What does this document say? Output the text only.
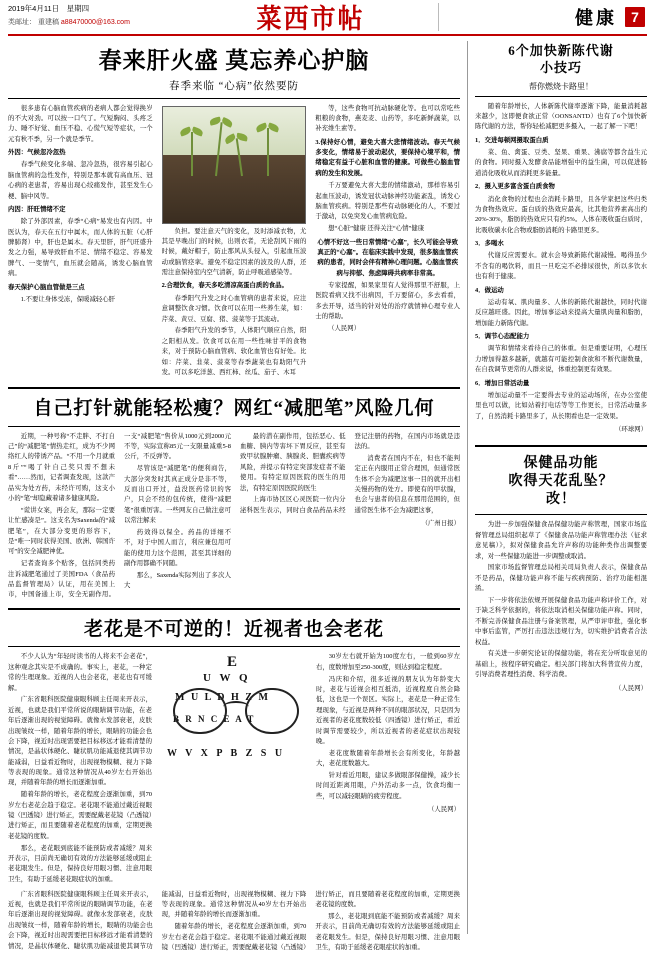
2019年4月11日　星期四
类邮址： 重建稿 a88470000@163.com	菜西市帖	健康	7
春来肝火盛 莫忘养心护脑
春季来临 “心病”依然要防

很多患有心脑血管疾病的老病人都会觉得换岁的不大对劲。可以按一口气了。气短胸闷、头疼乏力、睡不好觉、血压不稳、心慌气短等症状，一个元有秋不季，另一个就是季节。

外因：气候忽冷忽热

春季气候变化多端、忽冷忽热，很容易引起心脑血管病的急性发作，特别是那本就有高血压、冠心病的老患者，容易出现心绞痛发作，甚至发生心梗、脑中风等。

内因：肝旺情绪不定

除了外部因素，春季“心病”易发也有内因。中医认为，春天在五行中属木，而人体的五脏（心肝脾肺肾）中，肝也是属木。春天里肝，肝气旺盛升发之力强，易导致肝血不足、情绪不稳定、容易发脾气、一变情气，血压就会随高，诱发心脑血管病。

春天保护心脑血管做是三点

1.不要让身体受冻，保暖减轻心肝

负担。要注意天气的变化，及时添减衣物，尤其是早晚出门的时候，出则衣者，无论刮风下雨的时候，戴好帽子，防止那风从头侵入，引起血压波动或脑管痉挛。避免不稳定因素的波及的人群，还需注意保持室内空气清新，防止呼吸道感染等。

2.合理饮食，春天多吃清凉高蛋白质的食品。

春季阳气升发之时心血管病的患者来说，应注意调整饮食习惯。饮食可以在用一些养生菜，如：芹菜、黄豆、豆腐、猪、菠菜等于其流动。

春季阳气升发的季节，人体阳气顺应自然，阳之阳相从发。饮食可以在用一些性味甘平的食物来，对于预防心脑血管病、软化血管也有好处。比如：芹菜、韭菜、菠菜等春季蔬菜也有助阳气升发。可以多吃洋葱、西红柿、丝瓜、茄子、木耳

等，这些食物可抗动脉硬化等。也可以常吃些粗粮的食物，燕麦麦、山药等，多吃新鲜蔬菜，以补充维生素等。

3.保持好心情，避免大喜大悲情绪波动。春天气候多变化，情绪易于波动起伏，要保持心境平和，情绪稳定有益于心脏和血管的健康。可做些心脑血管病的发生和发展。

千万要避免大喜大悲的情绪激动，那样容易引起血压波动，诱发冠状动脉神经功能紊乱，诱发心脑血管疾病。特别是那些有动脉硬化的人，不要过于激动，以免突发心血管病危险。

想“心脏”健康 还得关注“心情”健康

心情不好这一些日常情绪“心塞”，长久可能会导致真正的“心塞”。在临床实践中发现，很多脑血管疾病的患者，同时会伴有精神心理问题。心脑血管疾病与抑郁、焦虑障碍共病率非常高。

专家提醒，如果家里有人觉得那里不舒服，上医院看病又找不出病因，千万要留心，多去看看，多去开导，适当的针对处的治疗就情神心理专业人士的帮助。

（人民网）

自己打针就能轻松瘦？网红“减肥笔”风险几何

近期，一种号称“不走胖、不打自己”的“减肥笔”情热走红，成为不少网络红人的带诱产品。“不用一个月就重8斤”“喝了针自己奖只需不想未看”……然而，记者调查发现，这款产品实为处方药，未经许可购，这支小小的“笔”却隐藏着诸多健康风险。

“谎讲女案，再会友，那际一定要让忙感凑是”。这支名为Saxenda的“减肥笔”，在大部分变更的形容下，是“唯一同时获得美国、欧洲、韩国许可”的安全减肥神优。

记者查询多个贴客，包括同类药注诉减肥笔通过了美国FDA（食品药品监督管理局）认证，用在美国上市，中国备通上市，安全无副作用。一支“减肥笔”售价从1000元到2000元不等，实际宣称85元一支限量减重5-8公斤，不反弹等。

尽管该是“减肥笔”的便利商告，大部分突发时其真正成分是非不等，反而出口开过，益没医药常识的客户，只会不经的包传统，使得“减肥笔”很重厉害。一些网友自己做注意可以常注解来

药效得以保全。药品的详细不不，对于中国人而言，利应兼包用可能的使用力这个范围，甚至其详细的副作用都确不同随。

那么，Saxenda实际列出了多次人大

最的潜在副作用，包括恶心、低血糖、胰内等害坏下胃反应，甚至有致甲状腺肿瘤、胰腺炎、胆囊疾病等风险，并提示有特定突部发症者不能使用。有特定原因医院的医生的用法，有特定原因医院的医生

上海市协区区心灵医院一位内分泌科医生表示，同时白食品药品未经登记注册的药物，在国内市场就是违法的。

消费者在国内不在，但也不能判定正在内服用正常合理国，但通常医生体不会为减肥这事一目的就开出相关慢药物的处方。即使有的甲状腺，也会与患者的信息在那用范围的，但通常医生体不会为减肥这事，

（广州日报）

老花是不可逆的！近视者也会老花

不少人认为“年轻时读书的人将来不会老花”，这种观念其实是不成确的。事实上，老花，一种定常的生理现象。近视的人也会老花，老花也有可缓解。

广东省眼科医院健康眼科顾主任周来开表示，近视，也就是我们平常所说的眼睛调节功能，在老年后逐渐出现的视觉障碍。就像水发部衰老，皮肤出现皱纹一样，随着年龄的增长，眼睛的功能会也会下降，视近时出现需要把目标移远才能看清楚的情况，是晶状体硬化、睫状肌功能减退使其调节功能减弱，日益看近物时，出现视物模糊、视力下降等表现的现象。通常这种情况从40岁左右开始出现，并随着年龄的增长而逐渐加重。

随着年龄的增长，老花程度会逐渐加重，到70岁左右老花会趋于稳定。老花眼不能通过戴近视眼镜（凹透镜）进行矫正，需要配戴老花镜（凸透镜）进行矫正，而且要随着老花程度的加重，定期更换老花镜的度数。

那么，老花眼到底能不能预防或者减缓？周来开表示，目前尚无确切有效的方法能够延缓或阻止老花眼发生。但是，保持良好用眼习惯、注意用眼卫生，有助于延缓老花眼症状的加重。

E
U W Q
M U L D H Z M
B R N C E A T
W V X P B Z S U

30岁左右就开始为100度左右，一般到60岁左右，度数增加至250-300度，则达到稳定程度。

冯庆和介绍，很多近视的朋友认为年龄变大时，老花与近视会相互抵消，近视程度自然会降低，这也是一个误区。实际上，老花是一种正常生理现象，与近视是两种不同的眼部状况，只是因为近视者的老花度数较低（四透镜）进行矫正，看近时调节需要较少，所以近视者的老花症状出现较晚。

老花度数随着年龄增长会有所变化，年龄越大，老花度数越大。

针对看近用眼，建议多做眼部保健操，减少长时间近距离用眼，户外活动多一点，饮食均衡一些，可以减轻眼睛的疲劳程度。

（人民网）

广东省眼科医院健康眼科顾主任周来开表示，近视，也就是我们平常所说的眼睛调节功能，在老年后逐渐出现的视觉障碍。就像水发部衰老，皮肤出现皱纹一样，随着年龄的增长，眼睛的功能会也会下降，视近时出现需要把目标移远才能看清楚的情况，是晶状体硬化、睫状肌功能减退使其调节功能减弱，日益看近物时，出现视物模糊、视力下降等表现的现象。通常这种情况从40岁左右开始出现，并随着年龄的增长而逐渐加重。

随着年龄的增长，老花程度会逐渐加重，到70岁左右老花会趋于稳定。老花眼不能通过戴近视眼镜（凹透镜）进行矫正，需要配戴老花镜（凸透镜）进行矫正，而且要随着老花程度的加重，定期更换老花镜的度数。

那么，老花眼到底能不能预防或者减缓？周来开表示，目前尚无确切有效的方法能够延缓或阻止老花眼发生。但是，保持良好用眼习惯、注意用眼卫生，有助于延缓老花眼症状的加重。

6个加快新陈代谢
小技巧
帮你燃烧卡路里！

随着年龄增长，人体新陈代谢率逐渐下降，能量消耗越来越少，这即便食欲正常（OONSANTD）也有了6个加快新陈代谢的方法，帮你轻松减肥更多摄入，一起了解一下吧！

1．交进每顿网摄取蛋白质

菜、鱼、禽蛋、豆类、坚果、重果、沸腐等都含益生元的食物。同时摄入发酵食品能增强中的益生菌，可以促进肠道消化吸收从而消耗更多能量。

2．摄入更多富含蛋白质食物

消化食物的过程也会消耗卡路里，且各学家把这些归类为食物热效应。蛋白质的热效应最高，比其他营养素高出约20%-30%，脂肪的热效应只有约5%。人体在吸收蛋白质时，比吸收碳水化合物或脂肪消耗的卡路里更多。

3．多喝水

代谢反应需要水。就水会导致新陈代谢减慢。喝得虽少不含有的喝饮料，而且一旦吃完不必排尿很快，所以多饮水也有利于健康。

4．做运动

运动有氧、肌肉量多、人体的新陈代谢越快，同时代谢反应越旺盛。因此，增加事运动来提高大量肌肉量和脂肪，增加能力新陈代谢。

5．调节心态配能力

调节和情绪来看待自己的体重。但是重要证明，心理压力增加得越多越新，就越有可能控制食欲和不断代谢数量，在自我调节更常的人群来说，体重控制更有效果。

6．增加日常活动量

增加运动量不一定要得去专业的运动场所，在办公室使里也可以做，比如站着打电话等等工作更长，日常活动量多了，自然消耗卡路里多了，从长期看也是一定效果。

（环球网）

保健品功能
吹得天花乱坠？
改！

为进一步加强保健食品保健功能声称管理，国家市场监督管理总局组织起草了《保健食品功能声称管理办法（征求意见稿）》，拟对保健食品允许声称的功能种类作出调整要求，对一些保健功能进一步调整或取消。

国家市场监督管理总局相关司局负责人表示，保健食品不是药品，保健功能声称不能与疾病预防、治疗功能相混淆。

下一步将依法依规开展保健食品功能声称评价工作，对于缺乏科学依据的，将依法取消相关保健功能声称。同时，不断完善保健食品注册与备案管理，从严审评审批，强化事中事后监管，严厉打击违法违规行为，切实维护消费者合法权益。

有关进一步研究论证的保健功能，将在充分听取意见的基础上，按程序研究确定。相关部门将加大科普宣传力度，引导消费者理性消费、科学消费。

（人民网）
